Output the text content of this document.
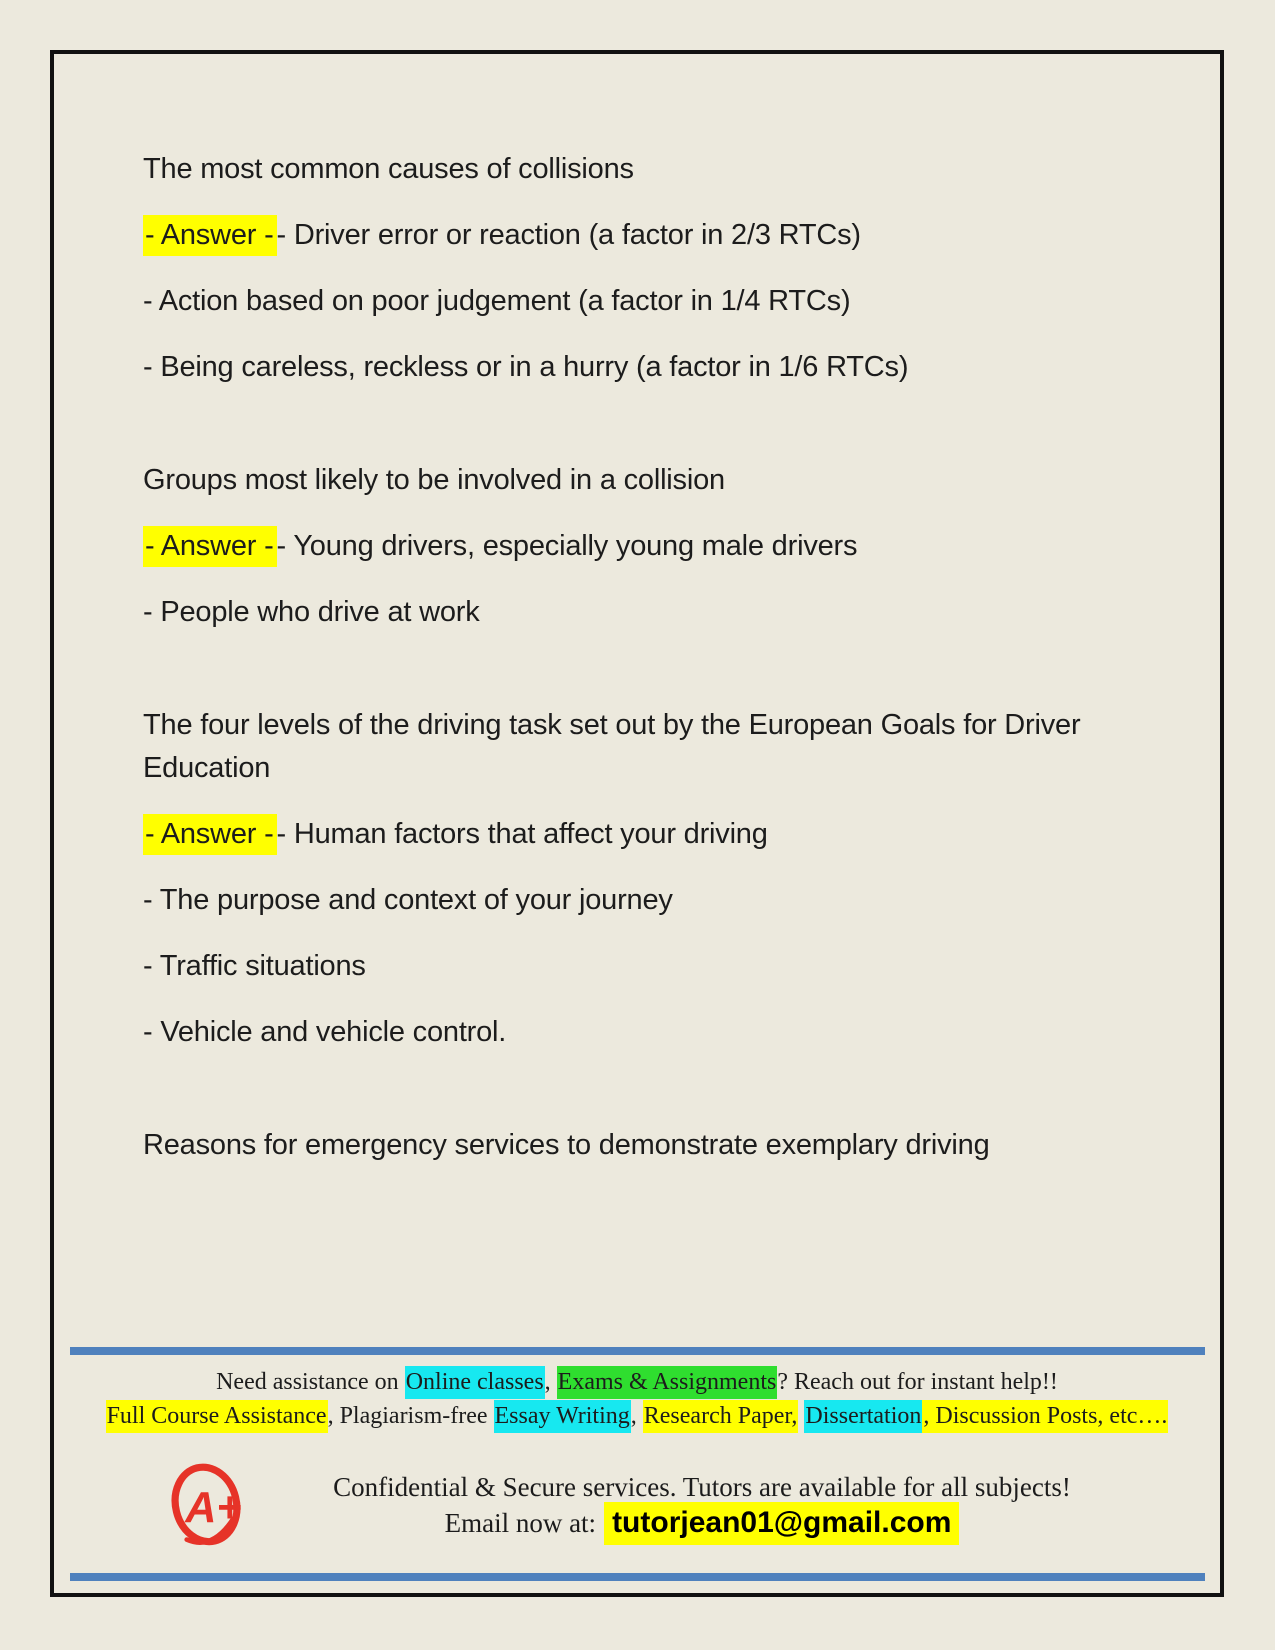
The most common causes of collisions

- Answer - - Driver error or reaction (a factor in 2/3 RTCs)

- Action based on poor judgement (a factor in 1/4 RTCs)

- Being careless, reckless or in a hurry (a factor in 1/6 RTCs)

Groups most likely to be involved in a collision

- Answer - - Young drivers, especially young male drivers

- People who drive at work

The four levels of the driving task set out by the European Goals for Driver Education

- Answer - - Human factors that affect your driving

- The purpose and context of your journey

- Traffic situations

- Vehicle and vehicle control.

Reasons for emergency services to demonstrate exemplary driving

Need assistance on Online classes, Exams & Assignments? Reach out for instant help!!
Full Course Assistance, Plagiarism-free Essay Writing, Research Paper, Dissertation, Discussion Posts, etc….
A+	Confidential & Secure services. Tutors are available for all subjects!
Email now at: tutorjean01@gmail.com
